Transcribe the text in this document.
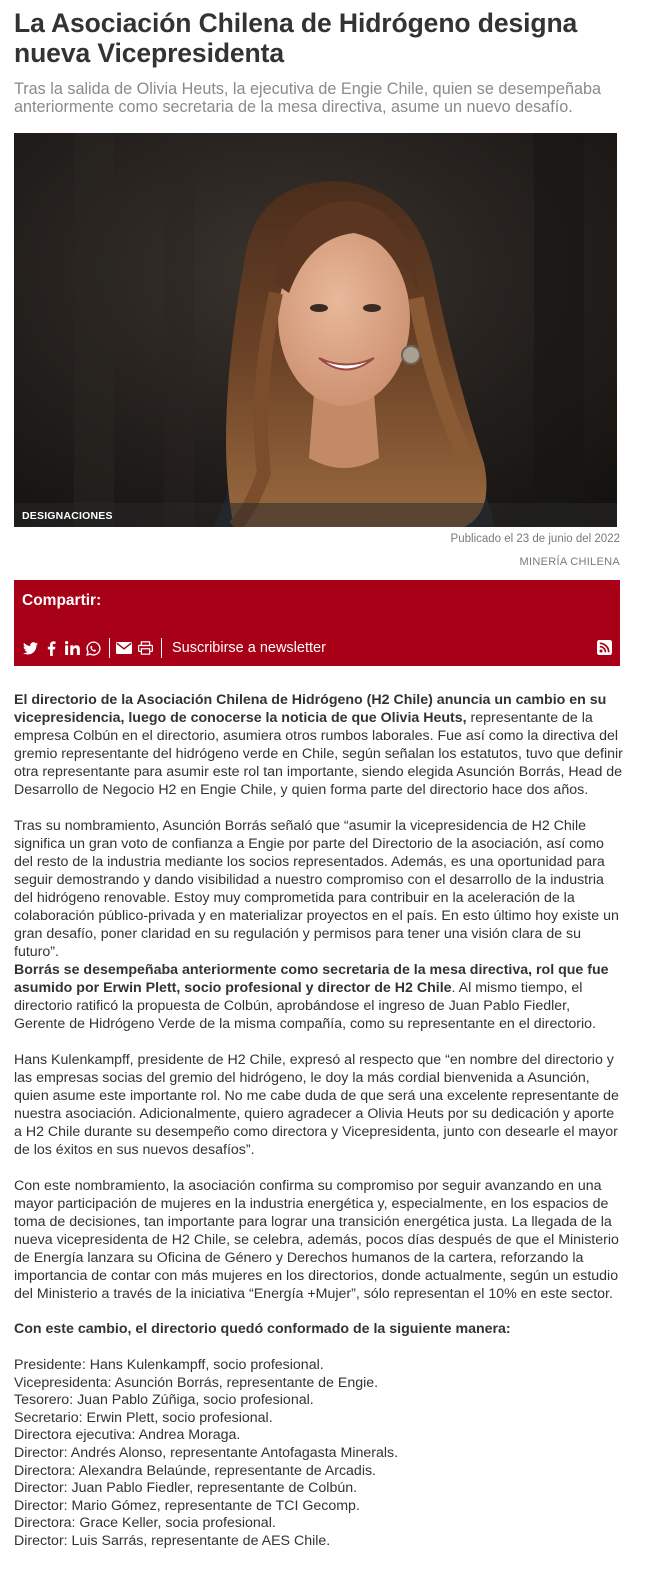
La Asociación Chilena de Hidrógeno designa nueva Vicepresidenta

Tras la salida de Olivia Heuts, la ejecutiva de Engie Chile, quien se desempeñaba anteriormente como secretaria de la mesa directiva, asume un nuevo desafío.

DESIGNACIONES
Publicado el 23 de junio del 2022
MINERÍA CHILENA
Compartir:
Suscribirse a newsletter

El directorio de la Asociación Chilena de Hidrógeno (H2 Chile) anuncia un cambio en su vicepresidencia, luego de conocerse la noticia de que Olivia Heuts, representante de la empresa Colbún en el directorio, asumiera otros rumbos laborales. Fue así como la directiva del gremio representante del hidrógeno verde en Chile, según señalan los estatutos, tuvo que definir otra representante para asumir este rol tan importante, siendo elegida Asunción Borrás, Head de Desarrollo de Negocio H2 en Engie Chile, y quien forma parte del directorio hace dos años.

Tras su nombramiento, Asunción Borrás señaló que “asumir la vicepresidencia de H2 Chile significa un gran voto de confianza a Engie por parte del Directorio de la asociación, así como del resto de la industria mediante los socios representados. Además, es una oportunidad para seguir demostrando y dando visibilidad a nuestro compromiso con el desarrollo de la industria del hidrógeno renovable. Estoy muy comprometida para contribuir en la aceleración de la colaboración público-privada y en materializar proyectos en el país. En esto último hoy existe un gran desafío, poner claridad en su regulación y permisos para tener una visión clara de su futuro”.

Borrás se desempeñaba anteriormente como secretaria de la mesa directiva, rol que fue asumido por Erwin Plett, socio profesional y director de H2 Chile. Al mismo tiempo, el directorio ratificó la propuesta de Colbún, aprobándose el ingreso de Juan Pablo Fiedler, Gerente de Hidrógeno Verde de la misma compañía, como su representante en el directorio.

Hans Kulenkampff, presidente de H2 Chile, expresó al respecto que “en nombre del directorio y las empresas socias del gremio del hidrógeno, le doy la más cordial bienvenida a Asunción, quien asume este importante rol. No me cabe duda de que será una excelente representante de nuestra asociación. Adicionalmente, quiero agradecer a Olivia Heuts por su dedicación y aporte a H2 Chile durante su desempeño como directora y Vicepresidenta, junto con desearle el mayor de los éxitos en sus nuevos desafíos”.

Con este nombramiento, la asociación confirma su compromiso por seguir avanzando en una mayor participación de mujeres en la industria energética y, especialmente, en los espacios de toma de decisiones, tan importante para lograr una transición energética justa. La llegada de la nueva vicepresidenta de H2 Chile, se celebra, además, pocos días después de que el Ministerio de Energía lanzara su Oficina de Género y Derechos humanos de la cartera, reforzando la importancia de contar con más mujeres en los directorios, donde actualmente, según un estudio del Ministerio a través de la iniciativa “Energía +Mujer”, sólo representan el 10% en este sector.

Con este cambio, el directorio quedó conformado de la siguiente manera:

Presidente: Hans Kulenkampff, socio profesional.
Vicepresidenta: Asunción Borrás, representante de Engie.
Tesorero: Juan Pablo Zúñiga, socio profesional.
Secretario: Erwin Plett, socio profesional.
Directora ejecutiva: Andrea Moraga.
Director: Andrés Alonso, representante Antofagasta Minerals.
Directora: Alexandra Belaúnde, representante de Arcadis.
Director: Juan Pablo Fiedler, representante de Colbún.
Director: Mario Gómez, representante de TCI Gecomp.
Directora: Grace Keller, socia profesional.
Director: Luis Sarrás, representante de AES Chile.
